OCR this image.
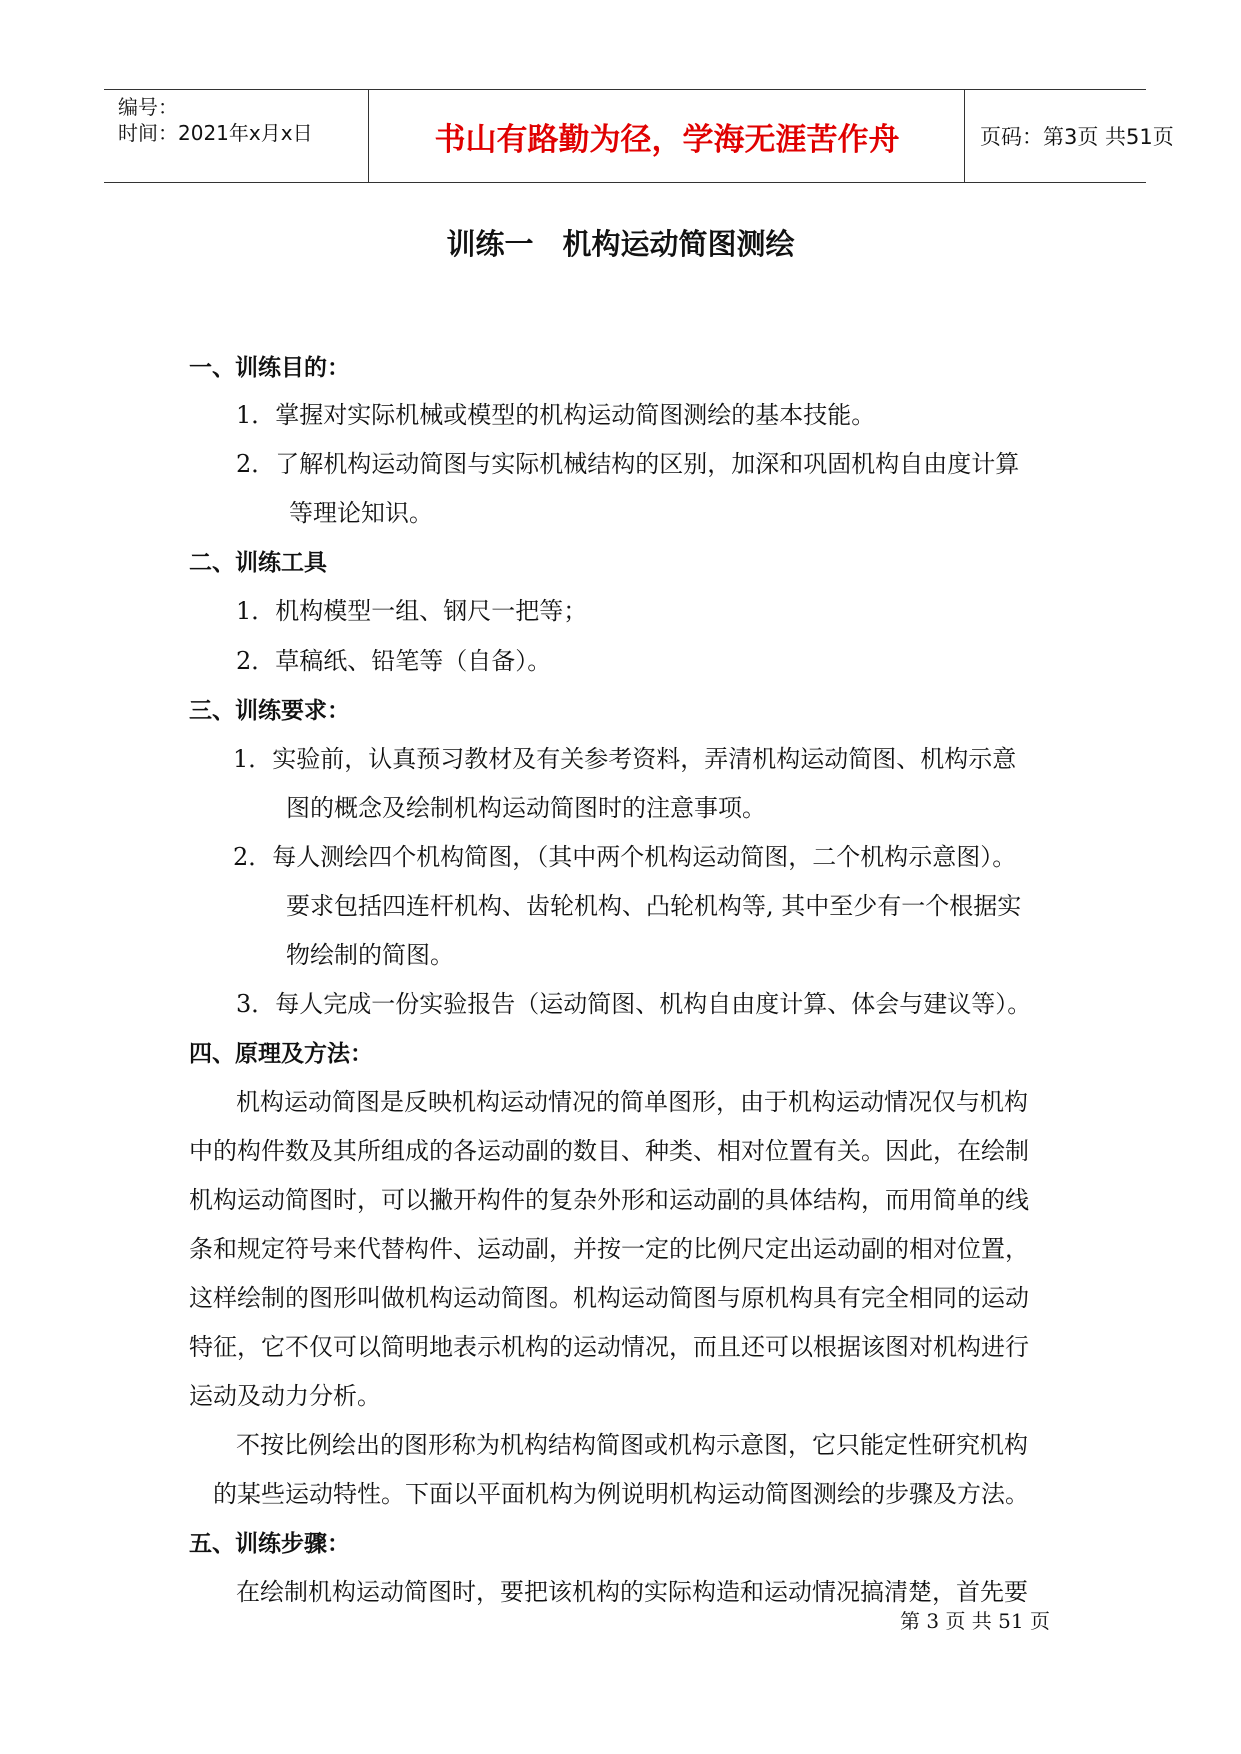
编号：
时间：2021年x月x日	书山有路勤为径，学海无涯苦作舟	页码：第3页 共51页
训练一　机构运动简图测绘
一、训练目的：
1．掌握对实际机械或模型的机构运动简图测绘的基本技能。
2．了解机构运动简图与实际机械结构的区别，加深和巩固机构自由度计算
等理论知识。
二、训练工具
1．机构模型一组、钢尺一把等；
2．草稿纸、铅笔等（自备）。
三、训练要求：
1．实验前，认真预习教材及有关参考资料，弄清机构运动简图、机构示意
图的概念及绘制机构运动简图时的注意事项。
2．每人测绘四个机构简图，（其中两个机构运动简图，二个机构示意图）。
要求包括四连杆机构、齿轮机构、凸轮机构等, 其中至少有一个根据实
物绘制的简图。
3．每人完成一份实验报告（运动简图、机构自由度计算、体会与建议等）。
四、原理及方法：
机构运动简图是反映机构运动情况的简单图形，由于机构运动情况仅与机构
中的构件数及其所组成的各运动副的数目、种类、相对位置有关。因此，在绘制
机构运动简图时，可以撇开构件的复杂外形和运动副的具体结构，而用简单的线
条和规定符号来代替构件、运动副，并按一定的比例尺定出运动副的相对位置，
这样绘制的图形叫做机构运动简图。机构运动简图与原机构具有完全相同的运动
特征，它不仅可以简明地表示机构的运动情况，而且还可以根据该图对机构进行
运动及动力分析。
不按比例绘出的图形称为机构结构简图或机构示意图，它只能定性研究机构
的某些运动特性。下面以平面机构为例说明机构运动简图测绘的步骤及方法。
五、训练步骤：
在绘制机构运动简图时，要把该机构的实际构造和运动情况搞清楚，首先要
第 3 页 共 51 页
